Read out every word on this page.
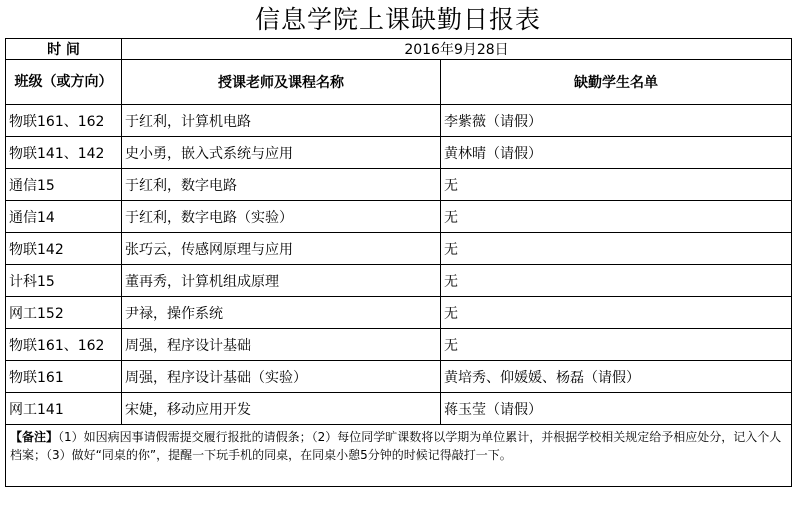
信息学院上课缺勤日报表
时 间	2016年9月28日	
班级（或方向）	授课老师及课程名称	缺勤学生名单
物联161、162	于红利，计算机电路	李紫薇（请假）
物联141、142	史小勇，嵌入式系统与应用	黄林晴（请假）
通信15	于红利，数字电路	无
通信14	于红利，数字电路（实验）	无
物联142	张巧云，传感网原理与应用	无
计科15	董再秀，计算机组成原理	无
网工152	尹禄，操作系统	无
物联161、162	周强，程序设计基础	无
物联161	周强，程序设计基础（实验）	黄培秀、仰媛媛、杨磊（请假）
网工141	宋婕，移动应用开发	蒋玉莹（请假）
【备注】（1）如因病因事请假需提交履行报批的请假条；（2）每位同学旷课数将以学期为单位累计，并根据学校相关规定给予相应处分，记入个人档案；（3）做好“同桌的你”，提醒一下玩手机的同桌，在同桌小憩5分钟的时候记得敲打一下。		
